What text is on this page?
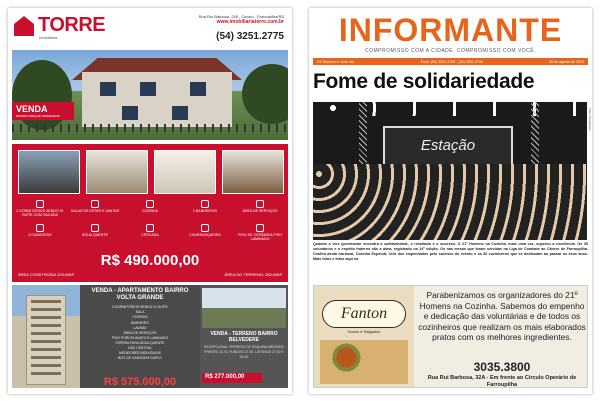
TORRE
Imobiliária
Rua Rui Barbosa, 245 - Centro - Farroupilha/RS
www.imobiliariatorre.com.br
(54) 3251.2775
VENDA
BAIRRO PARQUE IMPERADOR
3 DORMITÓRIOS SENDO 01 SUÍTE COM SACADA
SALAS DE ESTAR E JANTAR	COZINHA	2 BANHEIROS	ÁREA DE SERVIÇOS
2 GARAGENS	ÁGUA QUENTE	CERCADA	CHURRASQUEIRA	PISO DE CERÂMICA PISO LAMINADO
R$ 490.000,00
ÁREA CONSTRUÍDA 220,00M²	ÁREA DO TERRENO: 260,00M²
VENDA - APARTAMENTO BAIRRO VOLTA GRANDE
3 DORMITÓRIOS SENDO 01 SUÍTE
SALA
COZINHA
BANHEIRO
LAVABO
ÁREA DE SERVIÇOS
PISO PORCELANATO E LAMINADO
ESPERA PARA ÁGUA QUENTE
GÁS CENTRAL
MEDIDORES INDIVIDUAIS
BOX DE GARAGEM DUPLO
R$ 575.000,00
VENDA - TERRENO BAIRRO BELVEDERE
EXCEPCIONAL TERRENO DE ESQUINA MEDINDO FRENTE 15,70, FUNDOS 17,00, LATERAIS 27,00 E 30,00
R$ 277.000,00
INFORMANTE
COMPROMISSO COM A CIDADE. COMPROMISSO COM VOCÊ.
XX Número x • Ano xxx	Fone: (54) 3261.2745 - (54) 3261.2745	28 de agosto de 2019
Fome de solidariedade
Foto: Divulgação
Estação
Quando o vice governador encontra a solidariedade, o resultado é o sucesso. O 21º Homens na Cozinha, mais uma vez, superou a excelência. Os 35 voluntários e o espírito fraterno são a alma, registrado na 14ª edição. Os nas mesas que foram servidas na Liga de Combate ao Câncer de Farroupilha. Confira ainda nacional, Cozinha Especial, Unir dos empenhados pelo sucesso do evento e os 30 cozinheiros que se dedicaram ao passar os seus anos. Mais fotos e fotos aqui na
Fanton
Doces e Salgados
Parabenizamos os organizadores do 21º Homens na Cozinha. Sabemos do empenho e dedicação das voluntárias e de todos os cozinheiros que realizam os mais elaborados pratos com os melhores ingredientes.
3035.3800
Rua Rui Barbosa, 32A - Em frente ao Círculo Operário de Farroupilha
